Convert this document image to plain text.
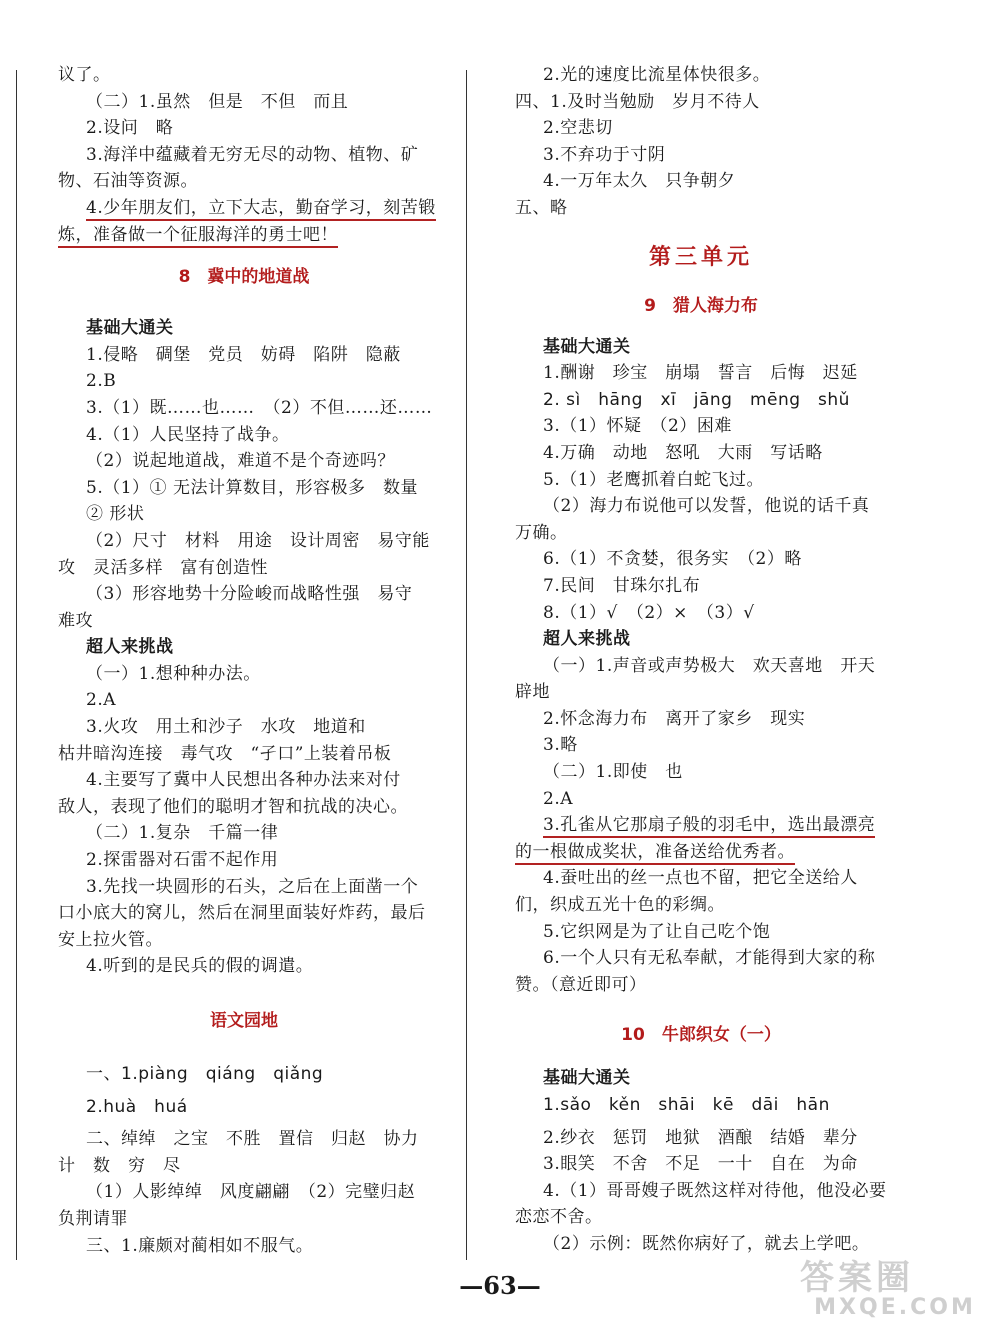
议了。
（二）1.虽然　但是　不但　而且
2.设问　略
3.海洋中蕴藏着无穷无尽的动物、植物、矿
物、石油等资源。
4.少年朋友们，立下大志，勤奋学习，刻苦锻
炼，准备做一个征服海洋的勇士吧！
8　冀中的地道战
基础大通关
1.侵略　碉堡　党员　妨碍　陷阱　隐蔽
2.B
3.（1）既……也……　（2）不但……还……
4.（1）人民坚持了战争。
（2）说起地道战，难道不是个奇迹吗？
5.（1）① 无法计算数目，形容极多　数量
② 形状
（2）尺寸　材料　用途　设计周密　易守能
攻　灵活多样　富有创造性
（3）形容地势十分险峻而战略性强　易守
难攻
超人来挑战
（一）1.想种种办法。
2.A
3.火攻　用土和沙子　水攻　地道和
枯井暗沟连接　毒气攻　“孑口”上装着吊板
4.主要写了冀中人民想出各种办法来对付
敌人，表现了他们的聪明才智和抗战的决心。
（二）1.复杂　千篇一律
2.探雷器对石雷不起作用
3.先找一块圆形的石头，之后在上面凿一个
口小底大的窝儿，然后在洞里面装好炸药，最后
安上拉火管。
4.听到的是民兵的假的调遣。
语文园地
一、1.piàng　qiáng　qiǎng
2.huà　huá
二、绰绰　之宝　不胜　置信　归赵　协力
计　数　穷　尽
（1）人影绰绰　风度翩翩　（2）完璧归赵
负荆请罪
三、1.廉颇对蔺相如不服气。
2.光的速度比流星体快很多。
四、1.及时当勉励　岁月不待人
2.空悲切
3.不弃功于寸阴
4.一万年太久　只争朝夕
五、略
第三单元
9　猎人海力布
基础大通关
1.酬谢　珍宝　崩塌　誓言　后悔　迟延
2. sì　hāng　xī　jāng　mēng　shǔ
3.（1）怀疑　（2）困难
4.万确　动地　怒吼　大雨　写话略
5.（1）老鹰抓着白蛇飞过。
（2）海力布说他可以发誓，他说的话千真
万确。
6.（1）不贪婪，很务实　（2）略
7.民间　甘珠尔扎布
8.（1）√　（2）×　（3）√
超人来挑战
（一）1.声音或声势极大　欢天喜地　开天
辟地
2.怀念海力布　离开了家乡　现实
3.略
（二）1.即使　也
2.A
3.孔雀从它那扇子般的羽毛中，选出最漂亮
的一根做成奖状，准备送给优秀者。
4.蚕吐出的丝一点也不留，把它全送给人
们，织成五光十色的彩绸。
5.它织网是为了让自己吃个饱
6.一个人只有无私奉献，才能得到大家的称
赞。（意近即可）
10　牛郎织女（一）
基础大通关
1.sǎo　kěn　shāi　kē　dāi　hān
2.纱衣　惩罚　地狱　酒酿　结婚　辈分
3.眼笑　不舍　不足　一十　自在　为命
4.（1）哥哥嫂子既然这样对待他，他没必要
恋恋不舍。
（2）示例：既然你病好了，就去上学吧。
—63—	答案圈
MXQE.COM
